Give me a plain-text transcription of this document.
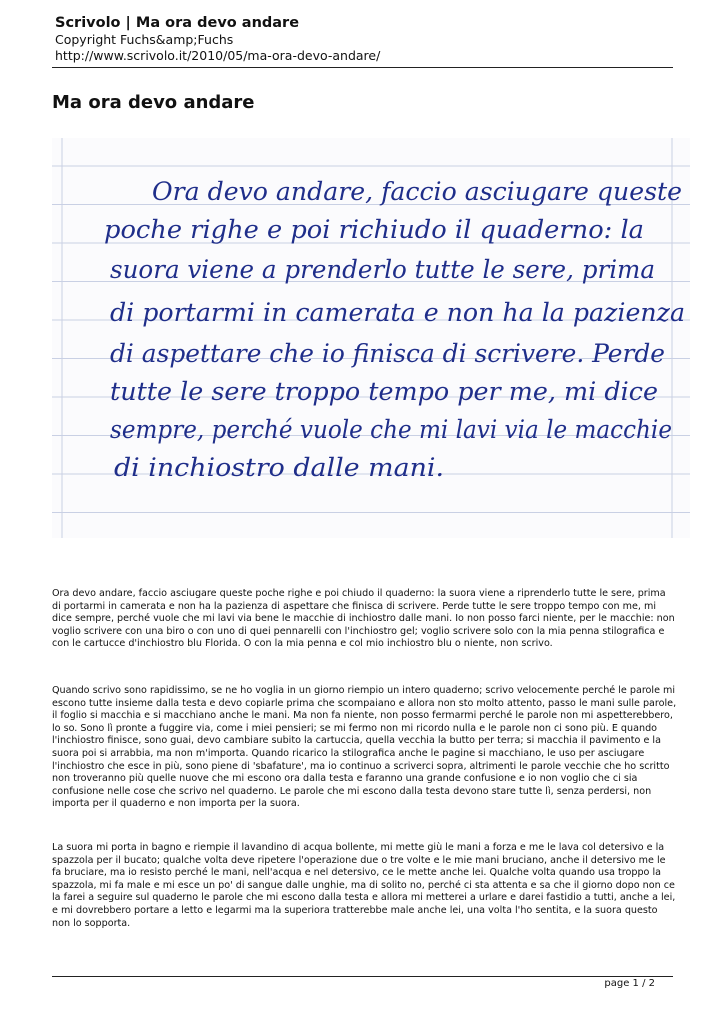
Scrivolo | Ma ora devo andare
Copyright Fuchs&amp;Fuchs
http://www.scrivolo.it/2010/05/ma-ora-devo-andare/
Ma ora devo andare
Ora devo andare, faccio asciugare queste
poche righe e poi richiudo il quaderno: la
suora viene a prenderlo tutte le sere, prima
di portarmi in camerata e non ha la pazienza
di aspettare che io finisca di scrivere. Perde
tutte le sere troppo tempo per me, mi dice
sempre, perché vuole che mi lavi via le macchie
di inchiostro dalle mani.

Ora devo andare, faccio asciugare queste poche righe e poi chiudo il quaderno: la suora viene a riprenderlo tutte le sere, prima di portarmi in camerata e non ha la pazienza di aspettare che finisca di scrivere. Perde tutte le sere troppo tempo con me, mi dice sempre, perché vuole che mi lavi via bene le macchie di inchiostro dalle mani. Io non posso farci niente, per le macchie: non voglio scrivere con una biro o con uno di quei pennarelli con l'inchiostro gel; voglio scrivere solo con la mia penna stilografica e con le cartucce d'inchiostro blu Florida. O con la mia penna e col mio inchiostro blu o niente, non scrivo.

Quando scrivo sono rapidissimo, se ne ho voglia in un giorno riempio un intero quaderno; scrivo velocemente perché le parole mi escono tutte insieme dalla testa e devo copiarle prima che scompaiano e allora non sto molto attento, passo le mani sulle parole, il foglio si macchia e si macchiano anche le mani. Ma non fa niente, non posso fermarmi perché le parole non mi aspetterebbero, lo so. Sono lì pronte a fuggire via, come i miei pensieri; se mi fermo non mi ricordo nulla e le parole non ci sono più. E quando l'inchiostro finisce, sono guai, devo cambiare subito la cartuccia, quella vecchia la butto per terra; si macchia il pavimento e la suora poi si arrabbia, ma non m'importa. Quando ricarico la stilografica anche le pagine si macchiano, le uso per asciugare l'inchiostro che esce in più, sono piene di 'sbafature', ma io continuo a scriverci sopra, altrimenti le parole vecchie che ho scritto non troveranno più quelle nuove che mi escono ora dalla testa e faranno una grande confusione e io non voglio che ci sia confusione nelle cose che scrivo nel quaderno. Le parole che mi escono dalla testa devono stare tutte lì, senza perdersi, non importa per il quaderno e non importa per la suora.

La suora mi porta in bagno e riempie il lavandino di acqua bollente, mi mette giù le mani a forza e me le lava col detersivo e la spazzola per il bucato; qualche volta deve ripetere l'operazione due o tre volte e le mie mani bruciano, anche il detersivo me le fa bruciare, ma io resisto perché le mani, nell'acqua e nel detersivo, ce le mette anche lei. Qualche volta quando usa troppo la spazzola, mi fa male e mi esce un po' di sangue dalle unghie, ma di solito no, perché ci sta attenta e sa che il giorno dopo non ce la farei a seguire sul quaderno le parole che mi escono dalla testa e allora mi metterei a urlare e darei fastidio a tutti, anche a lei, e mi dovrebbero portare a letto e legarmi ma la superiora tratterebbe male anche lei, una volta l'ho sentita, e la suora questo non lo sopporta.

page 1 / 2
